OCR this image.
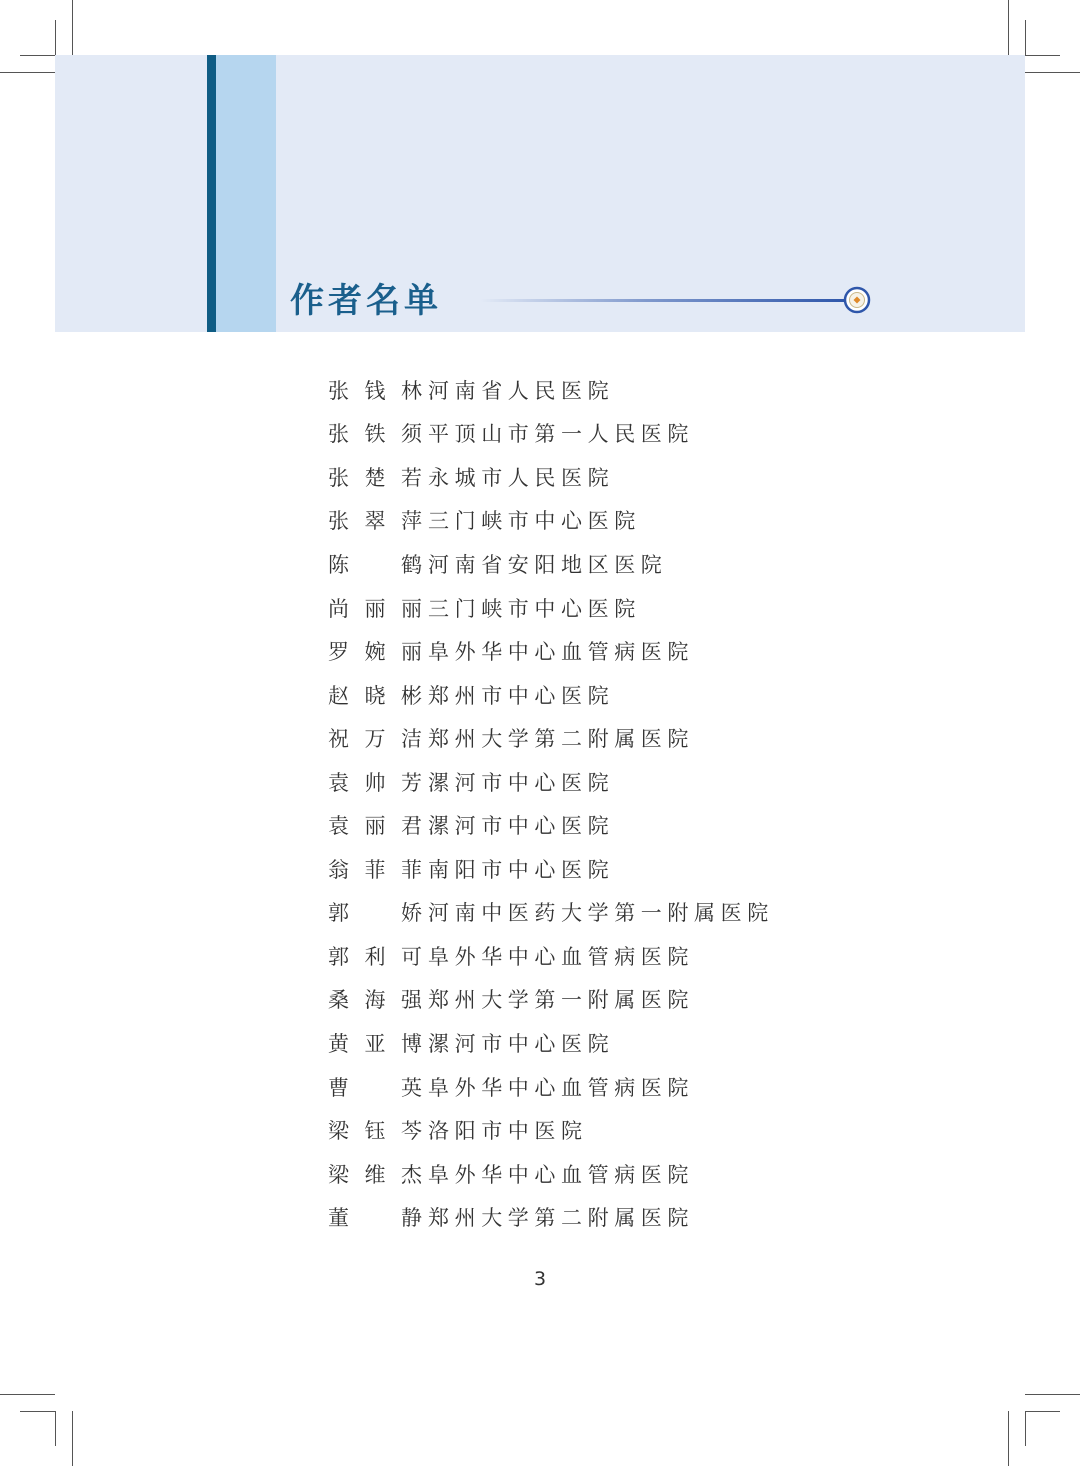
作者名单
张钱林 河南省人民医院
张铁须 平顶山市第一人民医院
张楚若 永城市人民医院
张翠萍 三门峡市中心医院
陈　鹤 河南省安阳地区医院
尚丽丽 三门峡市中心医院
罗婉丽 阜外华中心血管病医院
赵晓彬 郑州市中心医院
祝万洁 郑州大学第二附属医院
袁帅芳 漯河市中心医院
袁丽君 漯河市中心医院
翁菲菲 南阳市中心医院
郭　娇 河南中医药大学第一附属医院
郭利可 阜外华中心血管病医院
桑海强 郑州大学第一附属医院
黄亚博 漯河市中心医院
曹　英 阜外华中心血管病医院
梁钰芩 洛阳市中医院
梁维杰 阜外华中心血管病医院
董　静 郑州大学第二附属医院
3
